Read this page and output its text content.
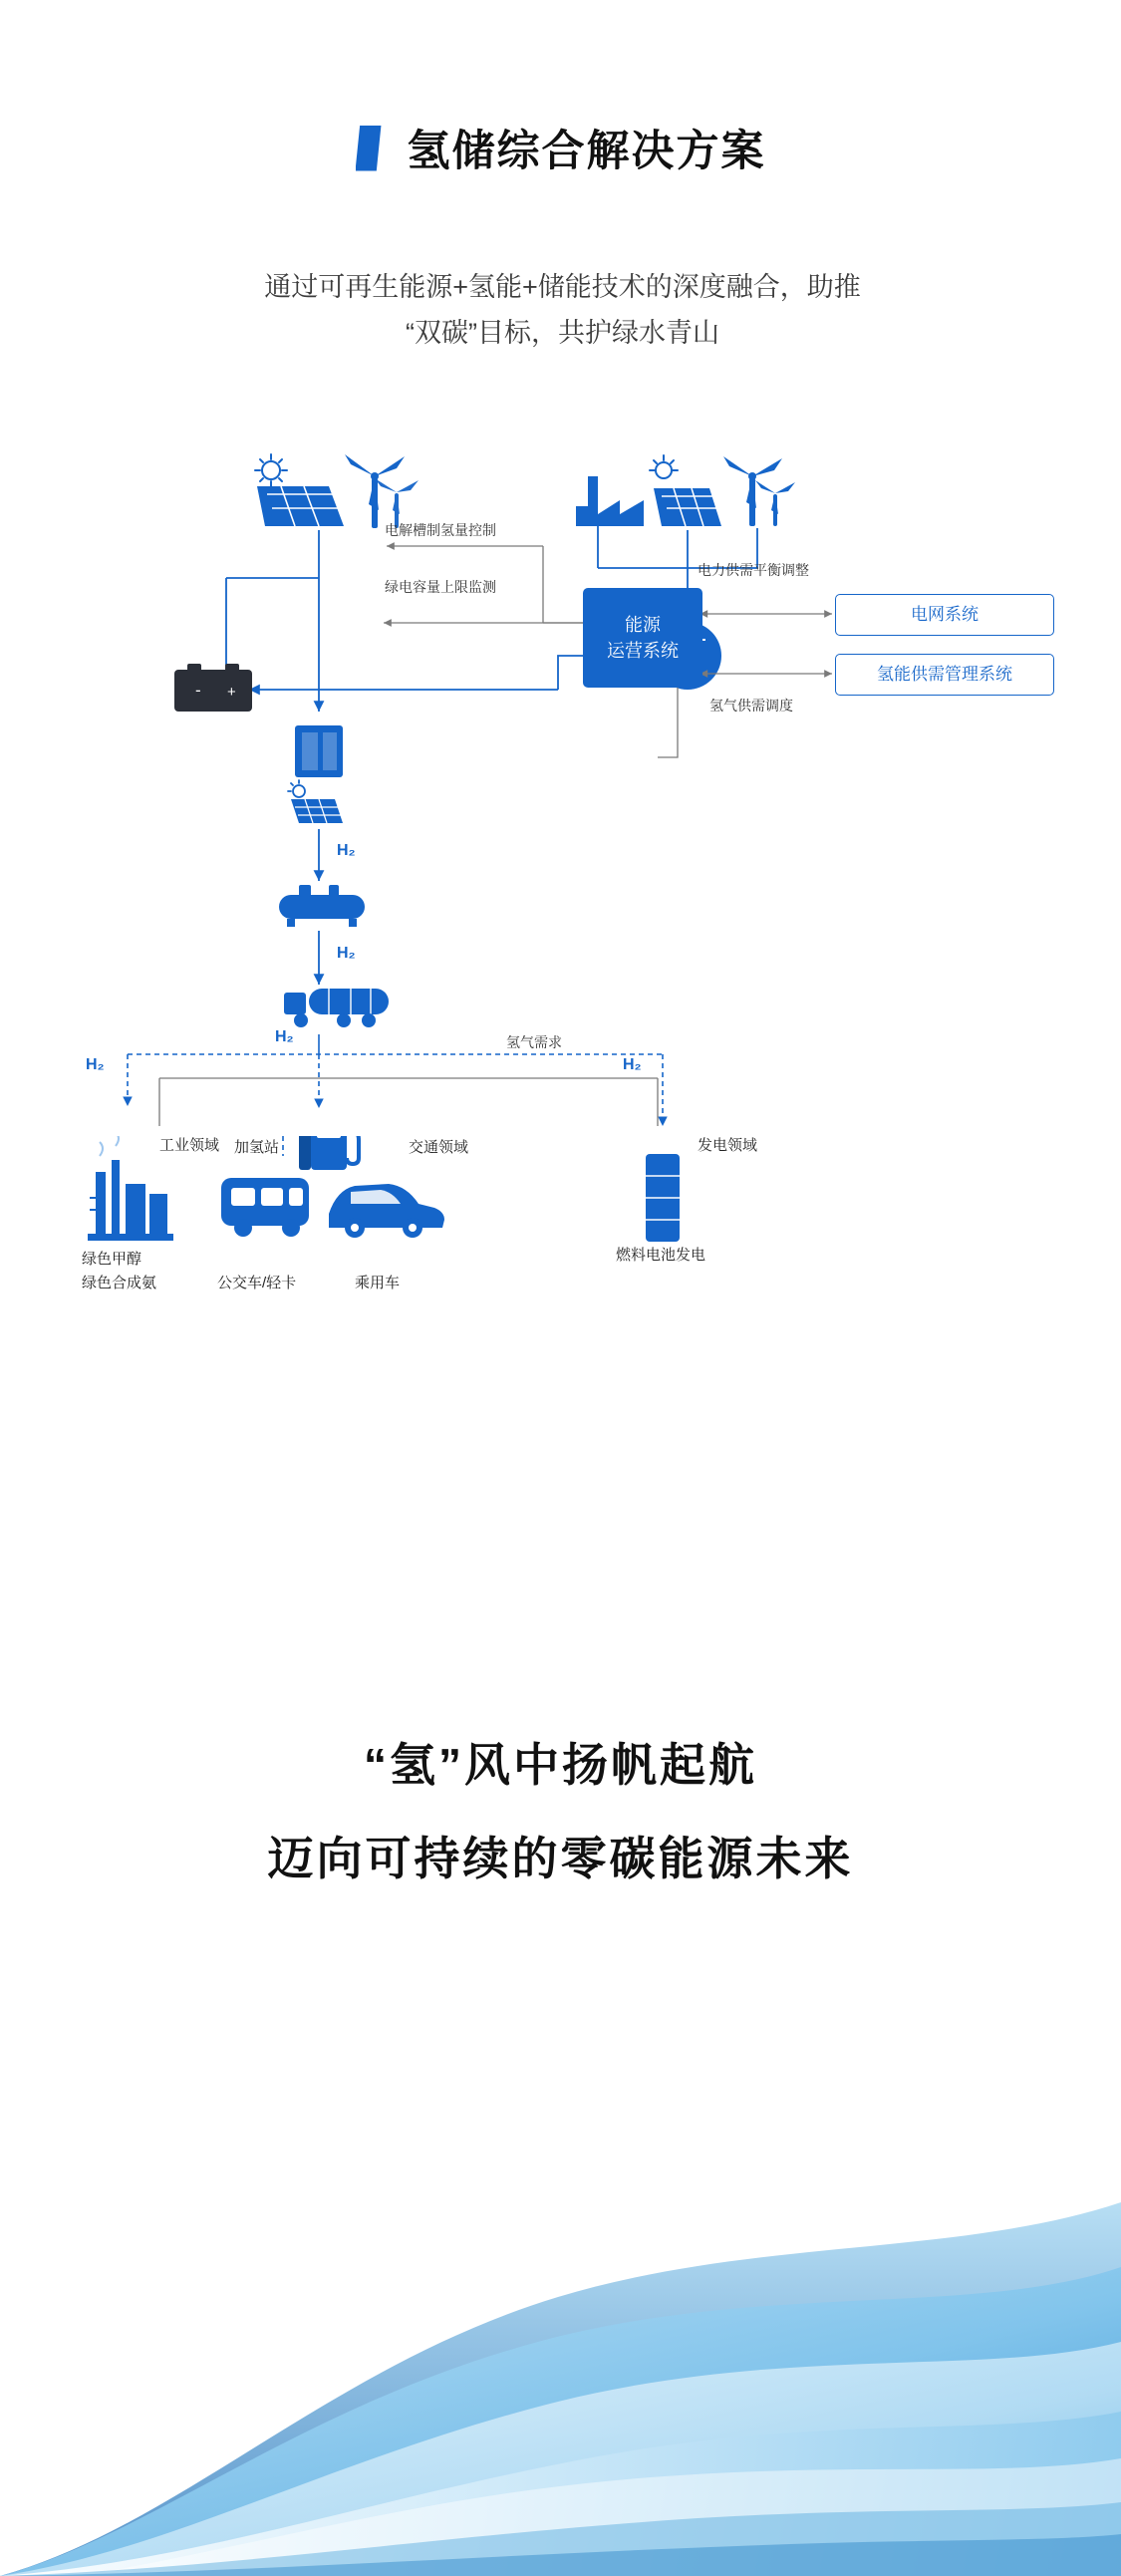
氢储综合解决方案
通过可再生能源+氢能+储能技术的深度融合，助推
“双碳”目标，共护绿水青山
- +
电解槽制氢量控制
绿电容量上限监测
电力供需平衡调整
氢气供需调度
氢气需求
H₂
H₂
H₂
H₂
H₂
加氢站
工业领域	交通领域	发电领域
绿色甲醇
绿色合成氨	公交车/轻卡	乘用车
燃料电池发电
能源
运营系统
电网系统
氢能供需管理系统
“氢”风中扬帆起航
迈向可持续的零碳能源未来
